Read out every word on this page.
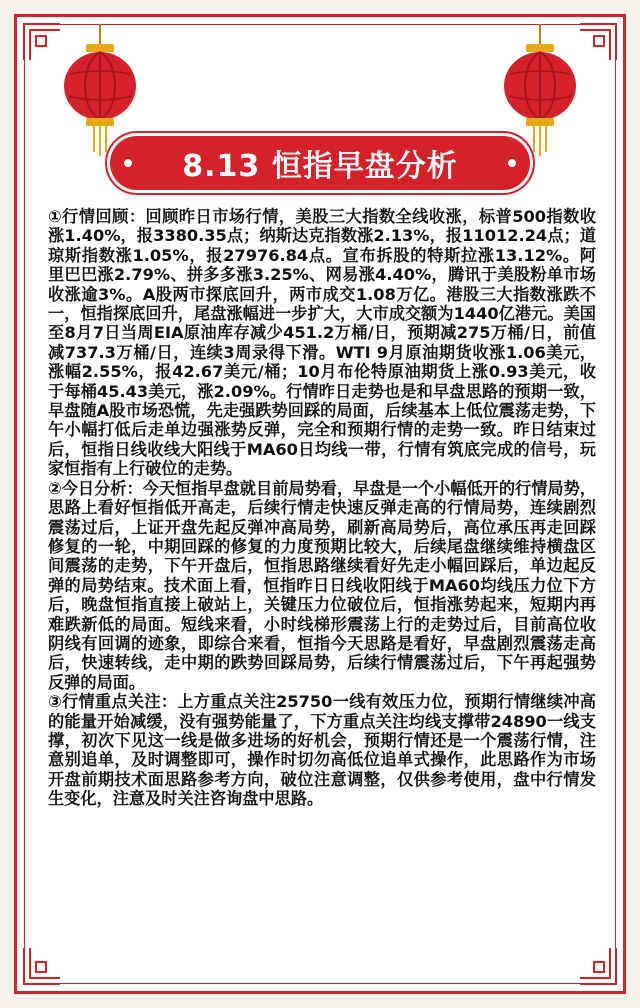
8.13 恒指早盘分析

①行情回顾：回顾昨日市场行情，美股三大指数全线收涨，标普500指数收涨1.40%，报3380.35点；纳斯达克指数涨2.13%，报11012.24点；道琼斯指数涨1.05%，报27976.84点。宣布拆股的特斯拉涨13.12%。阿里巴巴涨2.79%、拼多多涨3.25%、网易涨4.40%，腾讯于美股粉单市场收涨逾3%。A股两市探底回升，两市成交1.08万亿。港股三大指数涨跌不一，恒指探底回升，尾盘涨幅进一步扩大，大市成交额为1440亿港元。美国至8月7日当周EIA原油库存减少451.2万桶/日，预期减275万桶/日，前值减737.3万桶/日，连续3周录得下滑。WTI 9月原油期货收涨1.06美元，涨幅2.55%，报42.67美元/桶；10月布伦特原油期货上涨0.93美元，收于每桶45.43美元，涨2.09%。行情昨日走势也是和早盘思路的预期一致，早盘随A股市场恐慌，先走强跌势回踩的局面，后续基本上低位震荡走势，下午小幅打低后走单边强涨势反弹，完全和预期行情的走势一致。昨日结束过后，恒指日线收线大阳线于MA60日均线一带，行情有筑底完成的信号，玩家恒指有上行破位的走势。

②今日分析：今天恒指早盘就目前局势看，早盘是一个小幅低开的行情局势，思路上看好恒指低开高走，后续行情走快速反弹走高的行情局势，连续剧烈震荡过后，上证开盘先起反弹冲高局势，刷新高局势后，高位承压再走回踩修复的一轮，中期回踩的修复的力度预期比较大，后续尾盘继续维持横盘区间震荡的走势，下午开盘后，恒指思路继续看好先走小幅回踩后，单边起反弹的局势结束。技术面上看，恒指昨日日线收阳线于MA60均线压力位下方后，晚盘恒指直接上破站上，关键压力位破位后，恒指涨势起来，短期内再难跌新低的局面。短线来看，小时线梯形震荡上行的走势过后，目前高位收阴线有回调的迹象，即综合来看，恒指今天思路是看好，早盘剧烈震荡走高后，快速转线，走中期的跌势回踩局势，后续行情震荡过后，下午再起强势反弹的局面。

③行情重点关注：上方重点关注25750一线有效压力位，预期行情继续冲高的能量开始减缓，没有强势能量了，下方重点关注均线支撑带24890一线支撑，初次下见这一线是做多进场的好机会，预期行情还是一个震荡行情，注意别追单，及时调整即可，操作时切勿高低位追单式操作，此思路作为市场开盘前期技术面思路参考方向，破位注意调整，仅供参考使用，盘中行情发生变化，注意及时关注咨询盘中思路。
